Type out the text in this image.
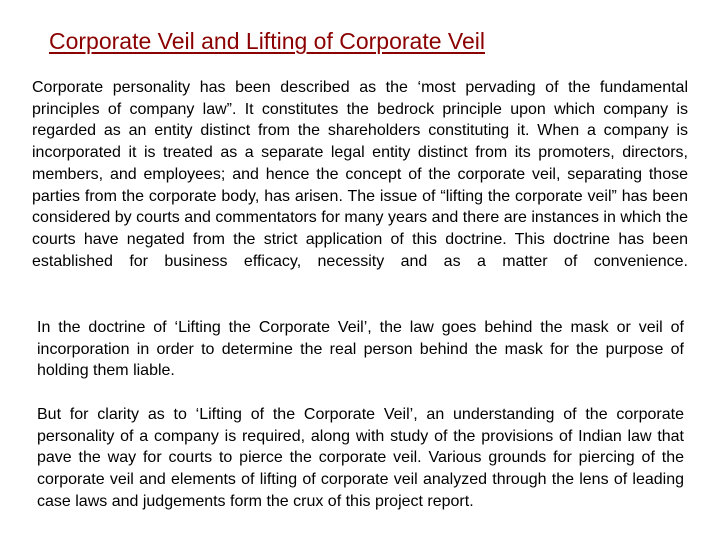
Corporate Veil and Lifting of Corporate Veil

Corporate personality has been described as the ‘most pervading of the fundamental principles of company law”. It constitutes the bedrock principle upon which company is regarded as an entity distinct from the shareholders constituting it. When a company is incorporated it is treated as a separate legal entity distinct from its promoters, directors, members, and employees; and hence the concept of the corporate veil, separating those parties from the corporate body, has arisen. The issue of “lifting the corporate veil” has been considered by courts and commentators for many years and there are instances in which the courts have negated from the strict application of this doctrine. This doctrine has been established for business efficacy, necessity and as a matter of convenience.

In the doctrine of ‘Lifting the Corporate Veil’, the law goes behind the mask or veil of incorporation in order to determine the real person behind the mask for the purpose of holding them liable.

But for clarity as to ‘Lifting of the Corporate Veil’, an understanding of the corporate personality of a company is required, along with study of the provisions of Indian law that pave the way for courts to pierce the corporate veil. Various grounds for piercing of the corporate veil and elements of lifting of corporate veil analyzed through the lens of leading case laws and judgements form the crux of this project report.
